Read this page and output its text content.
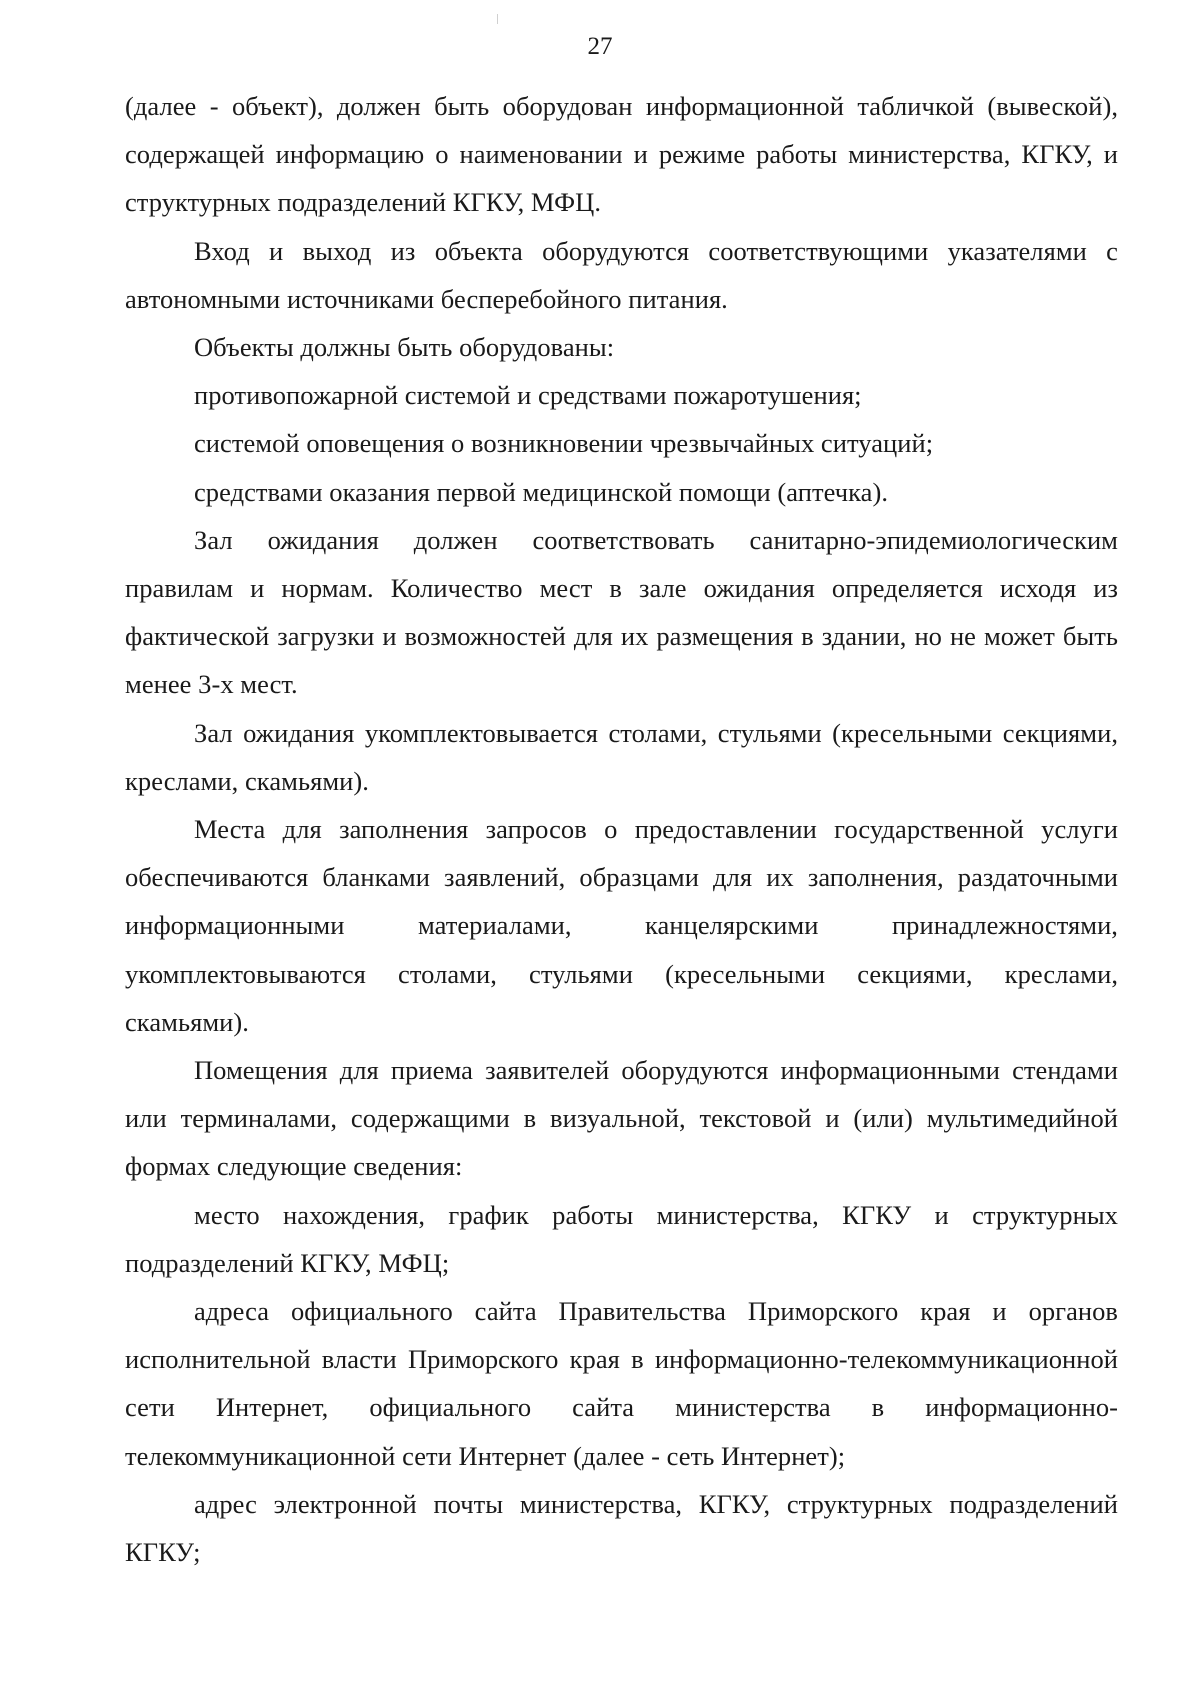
27

(далее - объект), должен быть оборудован информационной табличкой (вывеской), содержащей информацию о наименовании и режиме работы министерства, КГКУ, и структурных подразделений КГКУ, МФЦ.

Вход и выход из объекта оборудуются соответствующими указателями с автономными источниками бесперебойного питания.

Объекты должны быть оборудованы:

противопожарной системой и средствами пожаротушения;

системой оповещения о возникновении чрезвычайных ситуаций;

средствами оказания первой медицинской помощи (аптечка).

Зал ожидания должен соответствовать санитарно-эпидемиологическим правилам и нормам. Количество мест в зале ожидания определяется исходя из фактической загрузки и возможностей для их размещения в здании, но не может быть менее 3-х мест.

Зал ожидания укомплектовывается столами, стульями (кресельными секциями, креслами, скамьями).

Места для заполнения запросов о предоставлении государственной услуги обеспечиваются бланками заявлений, образцами для их заполнения, раздаточными информационными материалами, канцелярскими принадлежностями, укомплектовываются столами, стульями (кресельными секциями, креслами, скамьями).

Помещения для приема заявителей оборудуются информационными стендами или терминалами, содержащими в визуальной, текстовой и (или) мультимедийной формах следующие сведения:

место нахождения, график работы министерства, КГКУ и структурных подразделений КГКУ, МФЦ;

адреса официального сайта Правительства Приморского края и органов исполнительной власти Приморского края в информационно-телекоммуникационной сети Интернет, официального сайта министерства в информационно-телекоммуникационной сети Интернет (далее - сеть Интернет);

адрес электронной почты министерства, КГКУ, структурных подразделений КГКУ;
